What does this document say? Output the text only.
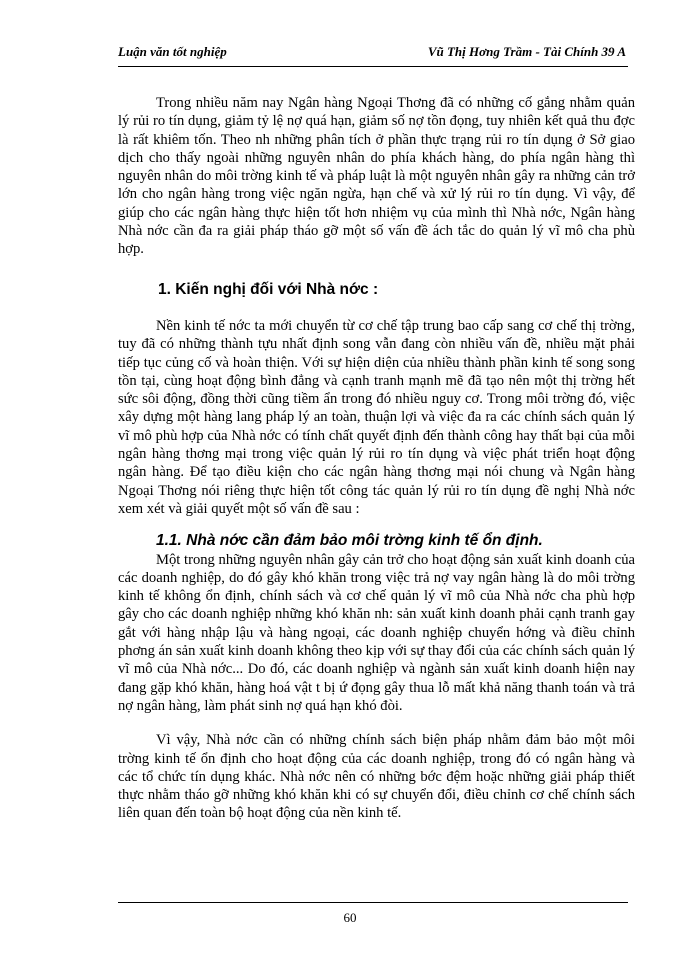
Luận văn tốt nghiệp	Vũ Thị Hơng Trầm - Tài Chính 39 A

Trong nhiều năm nay Ngân hàng Ngoại Thơng đã có những cố gắng nhằm quản lý rủi ro tín dụng, giảm tỷ lệ nợ quá hạn, giảm số nợ tồn đọng, tuy nhiên kết quả thu đợc là rất khiêm tốn. Theo nh những phân tích ở phần thực trạng rủi ro tín dụng ở Sở giao dịch cho thấy ngoài những nguyên nhân do phía khách hàng, do phía ngân hàng thì nguyên nhân do môi trờng kinh tế và pháp luật là một nguyên nhân gây ra những cản trở lớn cho ngân hàng trong việc ngăn ngừa, hạn chế và xử lý rủi ro tín dụng. Vì vậy, để giúp cho các ngân hàng thực hiện tốt hơn nhiệm vụ của mình thì Nhà nớc, Ngân hàng Nhà nớc cần đa ra giải pháp tháo gỡ một số vấn đề ách tắc do quản lý vĩ mô cha phù hợp.

1. Kiến nghị đối với Nhà nớc :

Nền kinh tế nớc ta mới chuyển từ cơ chế tập trung bao cấp sang cơ chế thị trờng, tuy đã có những thành tựu nhất định song vẫn đang còn nhiều vấn đề, nhiều mặt phải tiếp tục củng cố và hoàn thiện. Với sự hiện diện của nhiều thành phần kinh tế song song tồn tại, cùng hoạt động bình đẳng và cạnh tranh mạnh mẽ đã tạo nên một thị trờng hết sức sôi động, đồng thời cũng tiềm ẩn trong đó nhiều nguy cơ. Trong môi trờng đó, việc xây dựng một hàng lang pháp lý an toàn, thuận lợi và việc đa ra các chính sách quản lý vĩ mô phù hợp của Nhà nớc có tính chất quyết định đến thành công hay thất bại của mỗi ngân hàng thơng mại trong việc quản lý rủi ro tín dụng và việc phát triển hoạt động ngân hàng. Để tạo điều kiện cho các ngân hàng thơng mại nói chung và Ngân hàng Ngoại Thơng nói riêng thực hiện tốt công tác quản lý rủi ro tín dụng đề nghị Nhà nớc xem xét và giải quyết một số vấn đề sau :

1.1. Nhà nớc cần đảm bảo môi trờng kinh tế ổn định.

Một trong những nguyên nhân gây cản trở cho hoạt động sản xuất kinh doanh của các doanh nghiệp, do đó gây khó khăn trong việc trả nợ vay ngân hàng là do môi trờng kinh tế không ổn định, chính sách và cơ chế quản lý vĩ mô của Nhà nớc cha phù hợp gây cho các doanh nghiệp những khó khăn nh: sản xuất kinh doanh phải cạnh tranh gay gắt với hàng nhập lậu và hàng ngoại, các doanh nghiệp chuyển hớng và điều chỉnh phơng án sản xuất kinh doanh không theo kịp với sự thay đổi của các chính sách quản lý vĩ mô của Nhà nớc... Do đó, các doanh nghiệp và ngành sản xuất kinh doanh hiện nay đang gặp khó khăn, hàng hoá vật t bị ứ đọng gây thua lỗ mất khả năng thanh toán và trả nợ ngân hàng, làm phát sinh nợ quá hạn khó đòi.

Vì vậy, Nhà nớc cần có những chính sách biện pháp nhằm đảm bảo một môi trờng kinh tế ổn định cho hoạt động của các doanh nghiệp, trong đó có ngân hàng và các tổ chức tín dụng khác. Nhà nớc nên có những bớc đệm hoặc những giải pháp thiết thực nhằm tháo gỡ những khó khăn khi có sự chuyển đổi, điều chỉnh cơ chế chính sách liên quan đến toàn bộ hoạt động của nền kinh tế.

60
